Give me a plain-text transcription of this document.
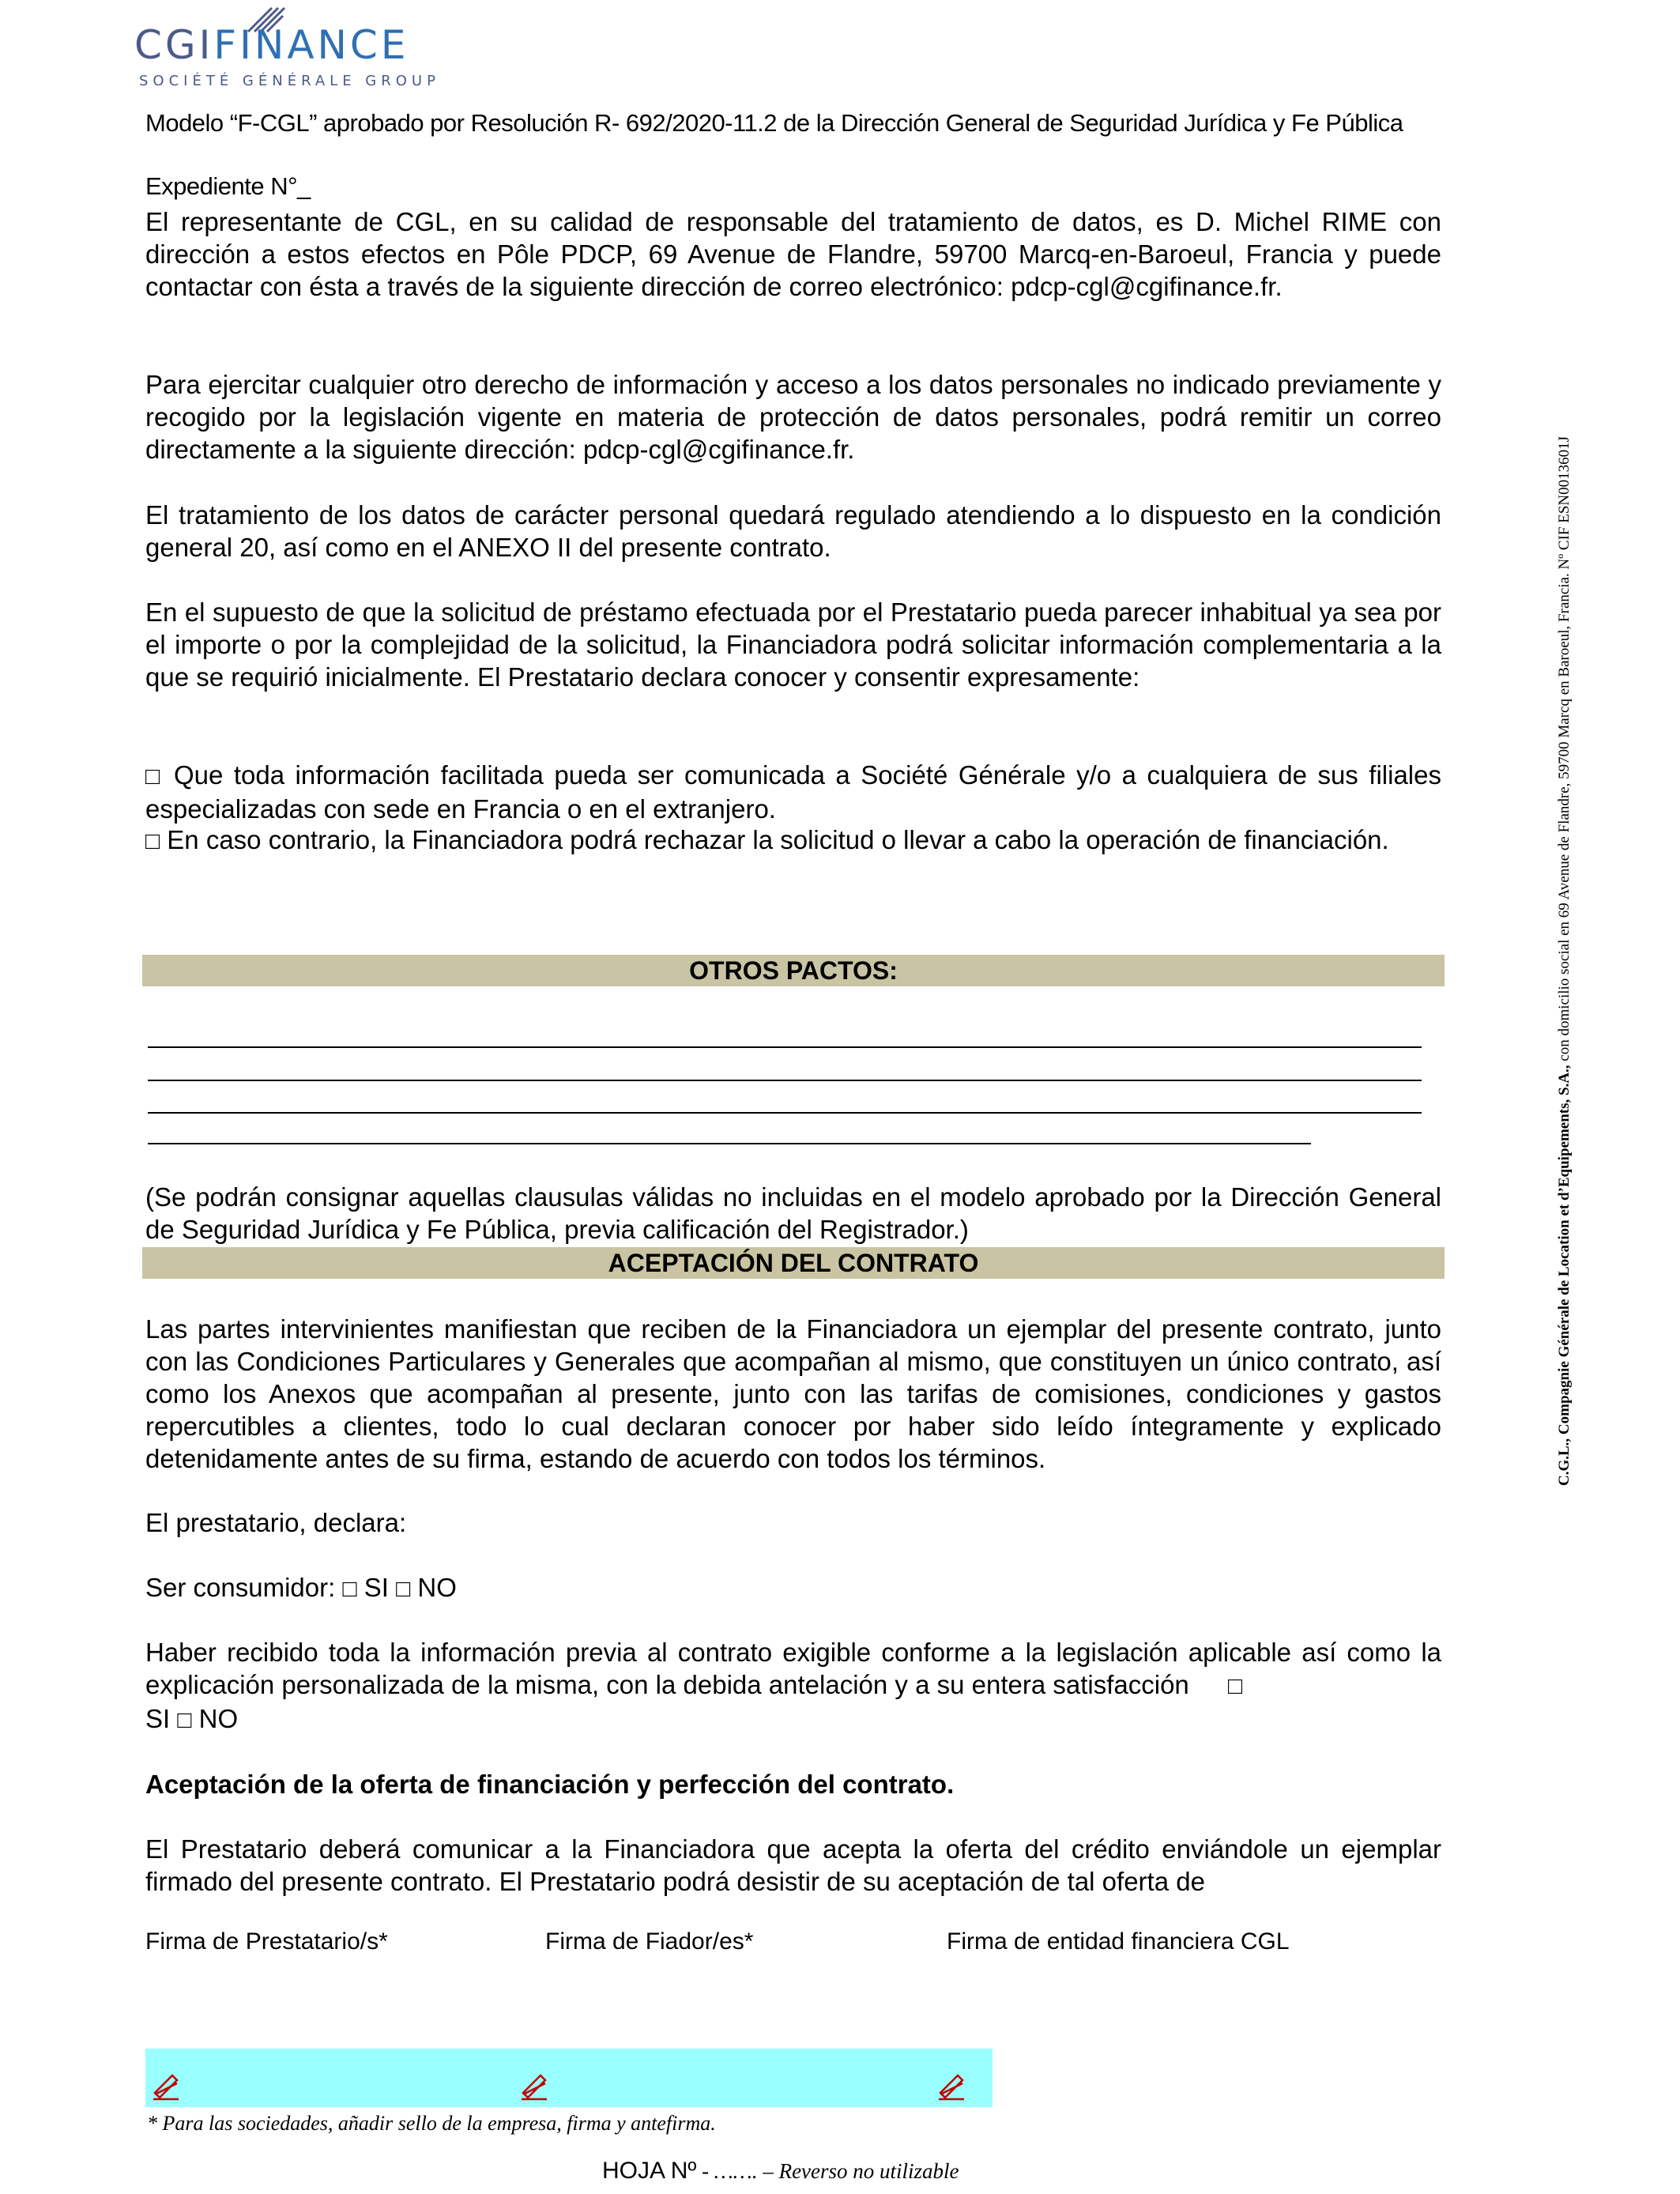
CGIFINANCE
SOCIÉTÉ GÉNÉRALE GROUP
Modelo “F-CGL” aprobado por Resolución R- 692/2020-11.2 de la Dirección General de Seguridad Jurídica y Fe Pública
Expediente N°_

El representante de CGL, en su calidad de responsable del tratamiento de datos, es D. Michel RIME con dirección a estos efectos en Pôle PDCP, 69 Avenue de Flandre, 59700 Marcq-en-Baroeul, Francia y puede contactar con ésta a través de la siguiente dirección de correo electrónico: pdcp-cgl@cgifinance.fr.

Para ejercitar cualquier otro derecho de información y acceso a los datos personales no indicado previamente y recogido por la legislación vigente en materia de protección de datos personales, podrá remitir un correo directamente a la siguiente dirección: pdcp-cgl@cgifinance.fr.

El tratamiento de los datos de carácter personal quedará regulado atendiendo a lo dispuesto en la condición general 20, así como en el ANEXO II del presente contrato.

En el supuesto de que la solicitud de préstamo efectuada por el Prestatario pueda parecer inhabitual ya sea por el importe o por la complejidad de la solicitud, la Financiadora podrá solicitar información complementaria a la que se requirió inicialmente. El Prestatario declara conocer y consentir expresamente:

□ Que toda información facilitada pueda ser comunicada a Société Générale y/o a cualquiera de sus filiales especializadas con sede en Francia o en el extranjero.

□ En caso contrario, la Financiadora podrá rechazar la solicitud o llevar a cabo la operación de financiación.

OTROS PACTOS:

(Se podrán consignar aquellas clausulas válidas no incluidas en el modelo aprobado por la Dirección General de Seguridad Jurídica y Fe Pública, previa calificación del Registrador.)

ACEPTACIÓN DEL CONTRATO

Las partes intervinientes manifiestan que reciben de la Financiadora un ejemplar del presente contrato, junto con las Condiciones Particulares y Generales que acompañan al mismo, que constituyen un único contrato, así como los Anexos que acompañan al presente, junto con las tarifas de comisiones, condiciones y gastos repercutibles a clientes, todo lo cual declaran conocer por haber sido leído íntegramente y explicado detenidamente antes de su firma, estando de acuerdo con todos los términos.

El prestatario, declara:

Ser consumidor: □ SI □ NO

Haber recibido toda la información previa al contrato exigible conforme a la legislación aplicable así como la explicación personalizada de la misma, con la debida antelación y a su entera satisfacción □
SI □ NO

Aceptación de la oferta de financiación y perfección del contrato.

El Prestatario deberá comunicar a la Financiadora que acepta la oferta del crédito enviándole un ejemplar firmado del presente contrato. El Prestatario podrá desistir de su aceptación de tal oferta de

Firma de Prestatario/s*	Firma de Fiador/es*	Firma de entidad financiera CGL
* Para las sociedades, añadir sello de la empresa, firma y antefirma.
HOJA Nº - ……. – Reverso no utilizable
C.G.L., Compagnie Générale de Location et d’Equipements, S.A., con domicilio social en 69 Avenue de Flandre, 59700 Marcq en Baroeul, Francia. Nº CIF ESN0013601J
